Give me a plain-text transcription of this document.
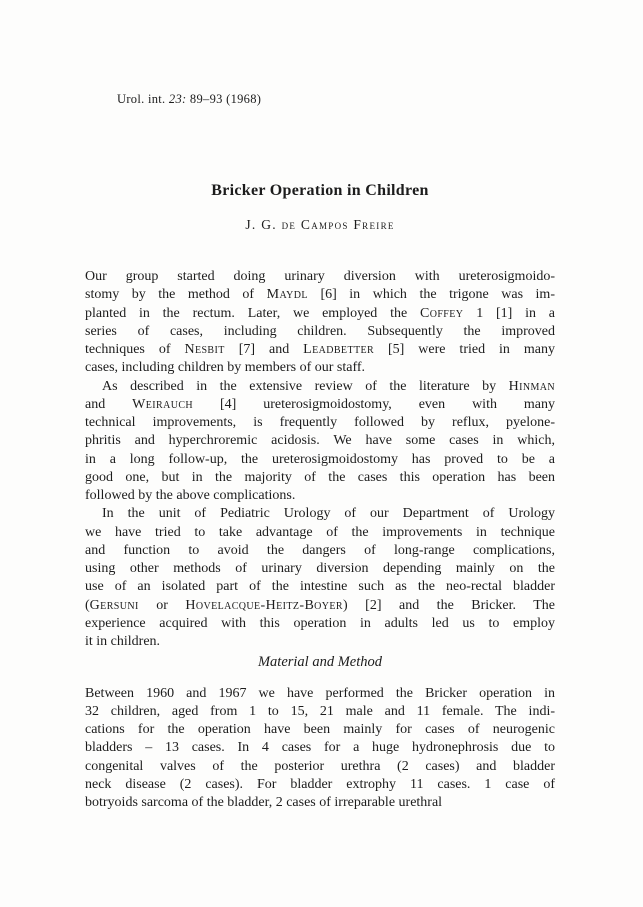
Urol. int. 23: 89–93 (1968)
Bricker Operation in Children
J. G. de Campos Freire
Our group started doing urinary diversion with ureterosigmoido-
stomy by the method of Maydl [6] in which the trigone was im-
planted in the rectum. Later, we employed the Coffey 1 [1] in a
series of cases, including children. Subsequently the improved
techniques of Nesbit [7] and Leadbetter [5] were tried in many
cases, including children by members of our staff.
As described in the extensive review of the literature by Hinman
and Weirauch [4] ureterosigmoidostomy, even with many
technical improvements, is frequently followed by reflux, pyelone-
phritis and hyperchroremic acidosis. We have some cases in which,
in a long follow-up, the ureterosigmoidostomy has proved to be a
good one, but in the majority of the cases this operation has been
followed by the above complications.
In the unit of Pediatric Urology of our Department of Urology
we have tried to take advantage of the improvements in technique
and function to avoid the dangers of long-range complications,
using other methods of urinary diversion depending mainly on the
use of an isolated part of the intestine such as the neo-rectal bladder
(Gersuni or Hovelacque-Heitz-Boyer) [2] and the Bricker. The
experience acquired with this operation in adults led us to employ
it in children.
Material and Method
Between 1960 and 1967 we have performed the Bricker operation in
32 children, aged from 1 to 15, 21 male and 11 female. The indi-
cations for the operation have been mainly for cases of neurogenic
bladders – 13 cases. In 4 cases for a huge hydronephrosis due to
congenital valves of the posterior urethra (2 cases) and bladder
neck disease (2 cases). For bladder extrophy 11 cases. 1 case of
botryoids sarcoma of the bladder, 2 cases of irreparable urethral
